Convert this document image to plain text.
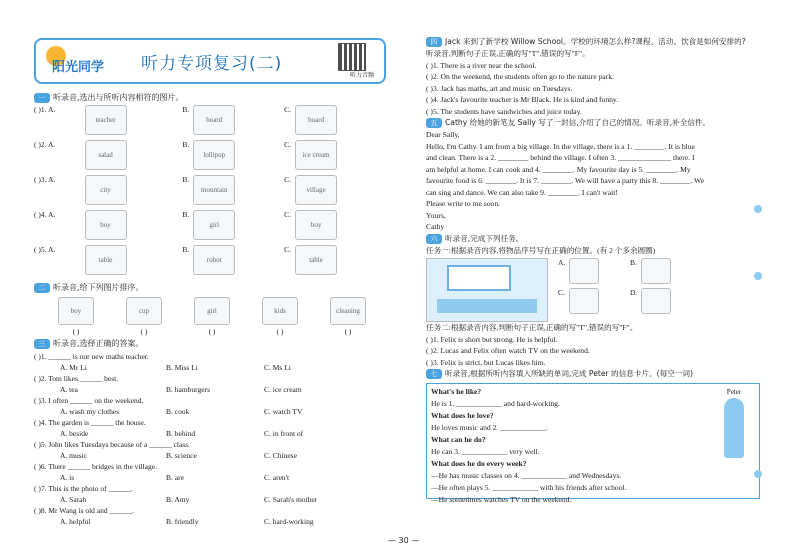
阳光同学 听力专项复习(二)
听力音频
一 听录音,选出与所听内容相符的图片。
( )1. A.
teacher
B.
board
C.
board
( )2. A.
salad
B.
lollipop
C.
ice cream
( )3. A.
city
B.
mountain
C.
village
( )4. A.
boy
B.
girl
C.
boy
( )5. A.
table
B.
robot
C.
table
二 听录音,给下列图片排序。
boy
( )
cup
( )
girl
( )
kids
( )
cleaning
( )
三 听录音,选择正确的答案。
( )1. ______ is our new maths teacher.
A. Mr Li	B. Miss Li	C. Ms Li
( )2. Tom likes ______ best.
A. tea	B. hamburgers	C. ice cream
( )3. I often ______ on the weekend.
A. wash my clothes	B. cook	C. watch TV
( )4. The garden is ______ the house.
A. beside	B. behind	C. in front of
( )5. John likes Tuesdays because of a ______ class.
A. music	B. science	C. Chinese
( )6. There ______ bridges in the village.
A. is	B. are	C. aren't
( )7. This is the photo of ______.
A. Sarah	B. Amy	C. Sarah's mother
( )8. Mr Wang is old and ______.
A. helpful	B. friendly	C. hard-working
四 Jack 来到了新学校 Willow School。学校的环境怎么样?课程、活动、饮食是如何安排的?
听录音,判断句子正误,正确的写"T",错误的写"F"。
( )1. There is a river near the school.
( )2. On the weekend, the students often go to the nature park.
( )3. Jack has maths, art and music on Tuesdays.
( )4. Jack's favourite teacher is Mr Black. He is kind and funny.
( )5. The students have sandwiches and juice today.
五 Cathy 给她的新笔友 Sally 写了一封信,介绍了自己的情况。听录音,补全信件。
Dear Sally,
Hello, I'm Cathy. I am from a big village. In the village, there is a 1. ________. It is blue
and clean. There is a 2. ________ behind the village. I often 3. ______________ there. I
am helpful at home. I can cook and 4. ________. My favourite day is 5. ________. My
favourite food is 6. ________. It is 7. ________. We will have a party this 8. ________. We
can sing and dance. We can also take 9. ________. I can't wait!
Please write to me soon.
Yours,
Cathy
六 听录音,完成下列任务。
任务一:根据录音内容,将物品序号写在正确的位置。(有 2 个多余圆圈)
A.	B.
C.	D.
任务二:根据录音内容,判断句子正误,正确的写"T",错误的写"F"。
( )1. Felix is short but strong. He is helpful.
( )2. Lucas and Felix often watch TV on the weekend.
( )3. Felix is strict, but Lucas likes him.
七 听录音,根据所听内容填入所缺的单词,完成 Peter 的信息卡片。(每空一词)
What's he like?
He is 1. ____________ and hard-working.
What does he love?
He loves music and 2. ____________.
What can he do?
He can 3. ____________ very well.
What does he do every week?
—He has music classes on 4. ____________ and Wednesdays.
—He often plays 5. ____________ with his friends after school.
—He sometimes watches TV on the weekend.
Peter
— 30 —
